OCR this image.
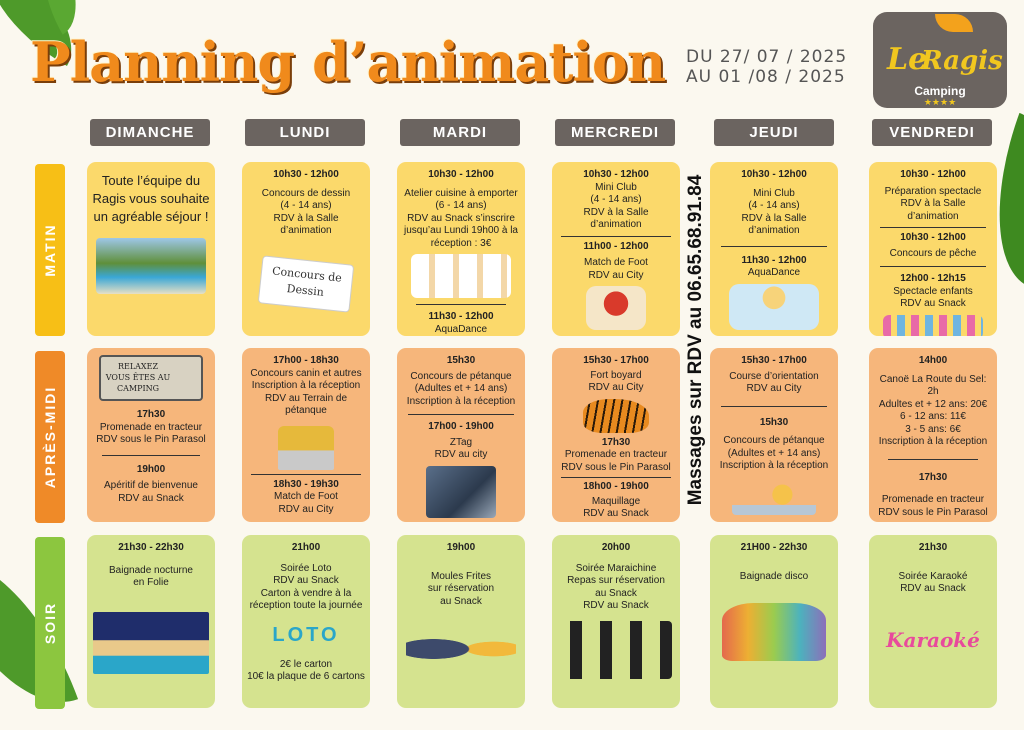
Planning d’animation DU 27/ 07 / 2025
AU 01 /08 / 2025 Le
Ragis
Camping
★★★★
DIMANCHE	LUNDI	MARDI	MERCREDI	JEUDI	VENDREDI
MATIN
APRÈS-MIDI
SOIR
Toute l’équipe du Ragis vous souhaite un agréable séjour !
10h30 - 12h00
Concours de dessin
(4 - 14 ans)
RDV à la Salle d’animation
Concours de Dessin
10h30 - 12h00
Atelier cuisine à emporter
(6 - 14 ans)
RDV au Snack s’inscrire jusqu’au Lundi 19h00 à la réception : 3€
11h30 - 12h00
AquaDance
10h30 - 12h00
Mini Club
(4 - 14 ans)
RDV à la Salle d’animation
11h00 - 12h00
Match de Foot
RDV au City
10h30 - 12h00
Mini Club
(4 - 14 ans)
RDV à la Salle d’animation
11h30 - 12h00
AquaDance
10h30 - 12h00
Préparation spectacle
RDV à la Salle d’animation
10h30 - 12h00
Concours de pêche
12h00 - 12h15
Spectacle enfants
RDV au Snack
RELAXEZ VOUS ÊTES AU CAMPING
17h30
Promenade en tracteur
RDV sous le Pin Parasol
19h00
Apéritif de bienvenue
RDV au Snack
17h00 - 18h30
Concours canin et autres
Inscription à la réception
RDV au Terrain de pétanque
18h30 - 19h30
Match de Foot
RDV au City
15h30
Concours de pétanque
(Adultes et + 14 ans)
Inscription à la réception
17h00 - 19h00
ZTag
RDV au city
15h30 - 17h00
Fort boyard
RDV au City
17h30
Promenade en tracteur
RDV sous le Pin Parasol
18h00 - 19h00
Maquillage
RDV au Snack
15h30 - 17h00
Course d’orientation
RDV au City
15h30
Concours de pétanque
(Adultes et + 14 ans)
Inscription à la réception
14h00
Canoë La Route du Sel: 2h
Adultes et + 12 ans: 20€
6 - 12 ans: 11€
3 - 5 ans: 6€
Inscription à la réception
17h30
Promenade en tracteur
RDV sous le Pin Parasol
21h30 - 22h30
Baignade nocturne
en Folie
21h00
Soirée Loto
RDV au Snack
Carton à vendre à la réception toute la journée
LOTO
2€ le carton
10€ la plaque de 6 cartons
19h00
Moules Frites
sur réservation
au Snack
20h00
Soirée Maraichine
Repas sur réservation
au Snack
RDV au Snack
21H00 - 22h30
Baignade disco
21h30
Soirée Karaoké
RDV au Snack
Karaoké
Massages sur RDV au 06.65.68.91.84
